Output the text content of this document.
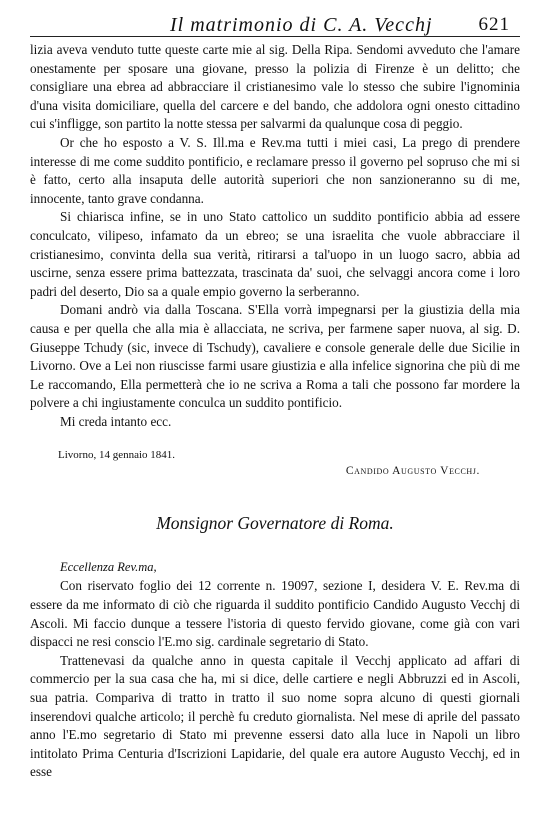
Il matrimonio di C. A. Vecchj 621

lizia aveva venduto tutte queste carte mie al sig. Della Ripa. Sendomi avveduto che l'amare onestamente per sposare una giovane, presso la polizia di Firenze è un delitto; che consigliare una ebrea ad abbracciare il cristianesimo vale lo stesso che subire l'ignominia d'una visita domiciliare, quella del carcere e del bando, che addolora ogni onesto cittadino cui s'infligge, son partito la notte stessa per salvarmi da qualunque cosa di peggio.

Or che ho esposto a V. S. Ill.ma e Rev.ma tutti i miei casi, La prego di prendere interesse di me come suddito pontificio, e reclamare presso il governo pel sopruso che mi si è fatto, certo alla insaputa delle autorità superiori che non sanzioneranno su di me, innocente, tanto grave condanna.

Si chiarisca infine, se in uno Stato cattolico un suddito pontificio abbia ad essere conculcato, vilipeso, infamato da un ebreo; se una israelita che vuole abbracciare il cristianesimo, convinta della sua verità, ritirarsi a tal'uopo in un luogo sacro, abbia ad uscirne, senza essere prima battezzata, trascinata da' suoi, che selvaggi ancora come i loro padri del deserto, Dio sa a quale empio governo la serberanno.

Domani andrò via dalla Toscana. S'Ella vorrà impegnarsi per la giustizia della mia causa e per quella che alla mia è allacciata, ne scriva, per farmene saper nuova, al sig. D. Giuseppe Tchudy (sic, invece di Tschudy), cavaliere e console generale delle due Sicilie in Livorno. Ove a Lei non riuscisse farmi usare giustizia e alla infelice signorina che più di me Le raccomando, Ella permetterà che io ne scriva a Roma a tali che possono far mordere la polvere a chi ingiustamente conculca un suddito pontificio.

Mi creda intanto ecc.
Livorno, 14 gennaio 1841.
Candido Augusto Vecchj.
Monsignor Governatore di Roma.
Eccellenza Rev.ma,

Con riservato foglio dei 12 corrente n. 19097, sezione I, desidera V. E. Rev.ma di essere da me informato di ciò che riguarda il suddito pontificio Candido Augusto Vecchj di Ascoli. Mi faccio dunque a tessere l'istoria di questo fervido giovane, come già con vari dispacci ne resi conscio l'E.mo sig. cardinale segretario di Stato.

Trattenevasi da qualche anno in questa capitale il Vecchj applicato ad affari di commercio per la sua casa che ha, mi si dice, delle cartiere e negli Abbruzzi ed in Ascoli, sua patria. Compariva di tratto in tratto il suo nome sopra alcuno di questi giornali inserendovi qualche articolo; il perchè fu creduto giornalista. Nel mese di aprile del passato anno l'E.mo segretario di Stato mi prevenne essersi dato alla luce in Napoli un libro intitolato Prima Centuria d'Iscrizioni Lapidarie, del quale era autore Augusto Vecchj, ed in esse
